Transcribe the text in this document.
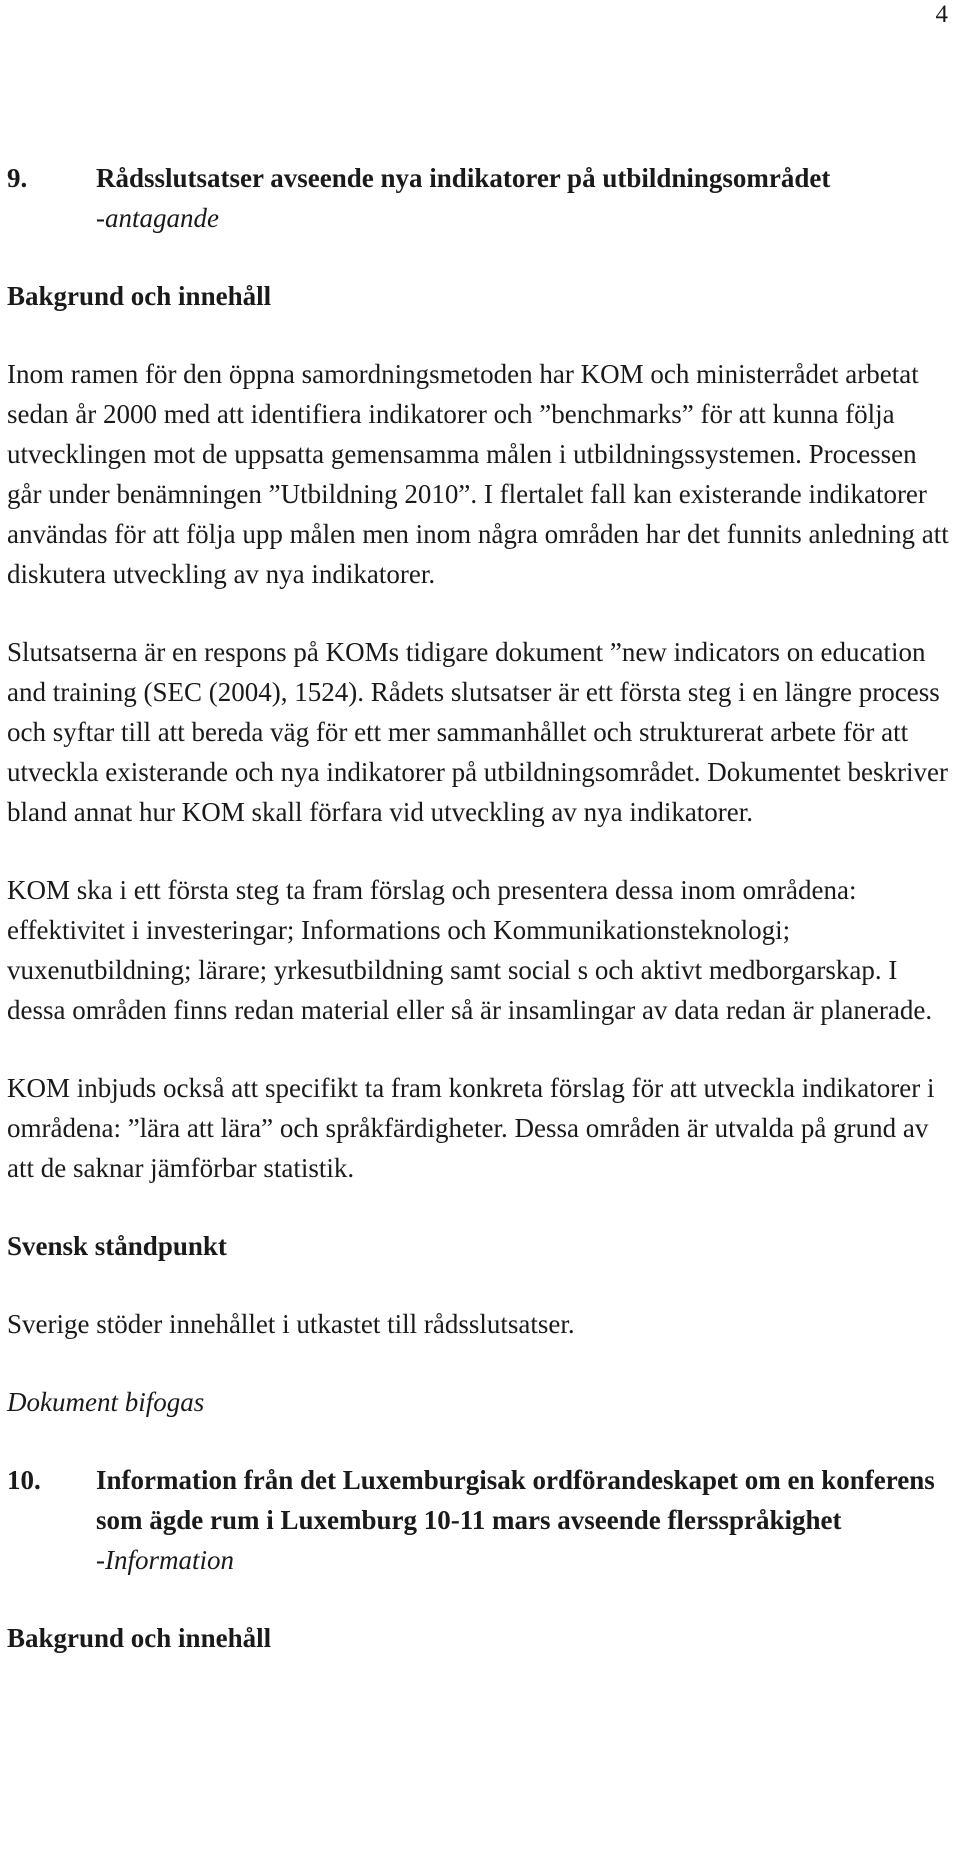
4
9.	Rådsslutsatser avseende nya indikatorer på utbildningsområdet
-antagande
Bakgrund och innehåll

Inom ramen för den öppna samordningsmetoden har KOM och ministerrådet arbetat sedan år 2000 med att identifiera indikatorer och ”benchmarks” för att kunna följa utvecklingen mot de uppsatta gemensamma målen i utbildningssystemen. Processen går under benämningen ”Utbildning 2010”. I flertalet fall kan existerande indikatorer användas för att följa upp målen men inom några områden har det funnits anledning att diskutera utveckling av nya indikatorer.

Slutsatserna är en respons på KOMs tidigare dokument ”new indicators on education and training (SEC (2004), 1524). Rådets slutsatser är ett första steg i en längre process och syftar till att bereda väg för ett mer sammanhållet och strukturerat arbete för att utveckla existerande och nya indikatorer på utbildningsområdet. Dokumentet beskriver bland annat hur KOM skall förfara vid utveckling av nya indikatorer.

KOM ska i ett första steg ta fram förslag och presentera dessa inom områdena: effektivitet i investeringar; Informations och Kommunikationsteknologi; vuxenutbildning; lärare; yrkesutbildning samt social s och aktivt medborgarskap. I dessa områden finns redan material eller så är insamlingar av data redan är planerade.

KOM inbjuds också att specifikt ta fram konkreta förslag för att utveckla indikatorer i områdena: ”lära att lära” och språkfärdigheter. Dessa områden är utvalda på grund av att de saknar jämförbar statistik.

Svensk ståndpunkt

Sverige stöder innehållet i utkastet till rådsslutsatser.

Dokument bifogas
10.	Information från det Luxemburgisak ordförandeskapet om en konferens som ägde rum i Luxemburg 10-11 mars avseende flersspråkighet
-Information
Bakgrund och innehåll
